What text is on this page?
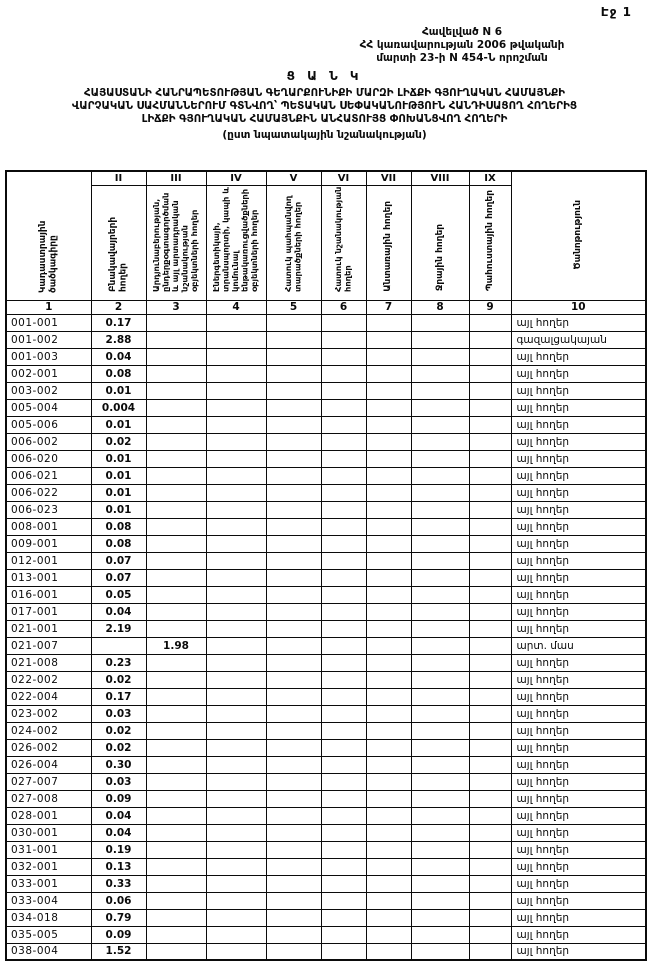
Էջ 1
Հավելված N 6
ՀՀ կառավարության 2006 թվականի
մարտի 23-ի N 454-Ն որոշման
Ց Ա Ն Կ
ՀԱՅԱՍՏԱՆԻ ՀԱՆՐԱՊԵՏՈՒԹՅԱՆ ԳԵՂԱՐՔՈՒՆԻՔԻ ՄԱՐԶԻ ԼԻՃՔԻ ԳՅՈՒՂԱԿԱՆ ՀԱՄԱՅՆՔԻ
ՎԱՐՉԱԿԱՆ ՍԱՀՄԱՆՆԵՐՈՒՄ ԳՏՆՎՈՂ՝ ՊԵՏԱԿԱՆ ՍԵՓԱԿԱՆՈՒԹՅՈՒՆ ՀԱՆԴԻՍԱՑՈՂ ՀՈՂԵՐԻՑ
ԼԻՃՔԻ ԳՅՈՒՂԱԿԱՆ ՀԱՄԱՅՆՔԻՆ ԱՆՀԱՏՈՒՅՑ ՓՈԽԱՆՑՎՈՂ ՀՈՂԵՐԻ
(ըստ նպատակային նշանակության)
Կադաստրային ծածկագիրը	II	III	IV	V	VI	VII	VIII	IX	Ծանոթություն
	Բնակավայրերի հողեր	Արդյունաբերության, ընդերքօգտագործման և այլ արտադրական նշանակության օբյեկտների հողեր	Էներգետիկայի, տրանսպորտի, կապի և կոմունալ ենթակառուցվածքների օբյեկտների հողեր	Հատուկ պահպանվող տարածքների հողեր	Հատուկ նշանակության հողեր	Անտառային հողեր	Ջրային հողեր	Պահուստային հողեր	
1	2	3	4	5	6	7	8	9	10
001-001	0.17								այլ հողեր
001-002	2.88								գազալցակայան
001-003	0.04								այլ հողեր
002-001	0.08								այլ հողեր
003-002	0.01								այլ հողեր
005-004	0.004								այլ հողեր
005-006	0.01								այլ հողեր
006-002	0.02								այլ հողեր
006-020	0.01								այլ հողեր
006-021	0.01								այլ հողեր
006-022	0.01								այլ հողեր
006-023	0.01								այլ հողեր
008-001	0.08								այլ հողեր
009-001	0.08								այլ հողեր
012-001	0.07								այլ հողեր
013-001	0.07								այլ հողեր
016-001	0.05								այլ հողեր
017-001	0.04								այլ հողեր
021-001	2.19								այլ հողեր
021-007		1.98							արտ. մաս
021-008	0.23								այլ հողեր
022-002	0.02								այլ հողեր
022-004	0.17								այլ հողեր
023-002	0.03								այլ հողեր
024-002	0.02								այլ հողեր
026-002	0.02								այլ հողեր
026-004	0.30								այլ հողեր
027-007	0.03								այլ հողեր
027-008	0.09								այլ հողեր
028-001	0.04								այլ հողեր
030-001	0.04								այլ հողեր
031-001	0.19								այլ հողեր
032-001	0.13								այլ հողեր
033-001	0.33								այլ հողեր
033-004	0.06								այլ հողեր
034-018	0.79								այլ հողեր
035-005	0.09								այլ հողեր
038-004	1.52								այլ հողեր
